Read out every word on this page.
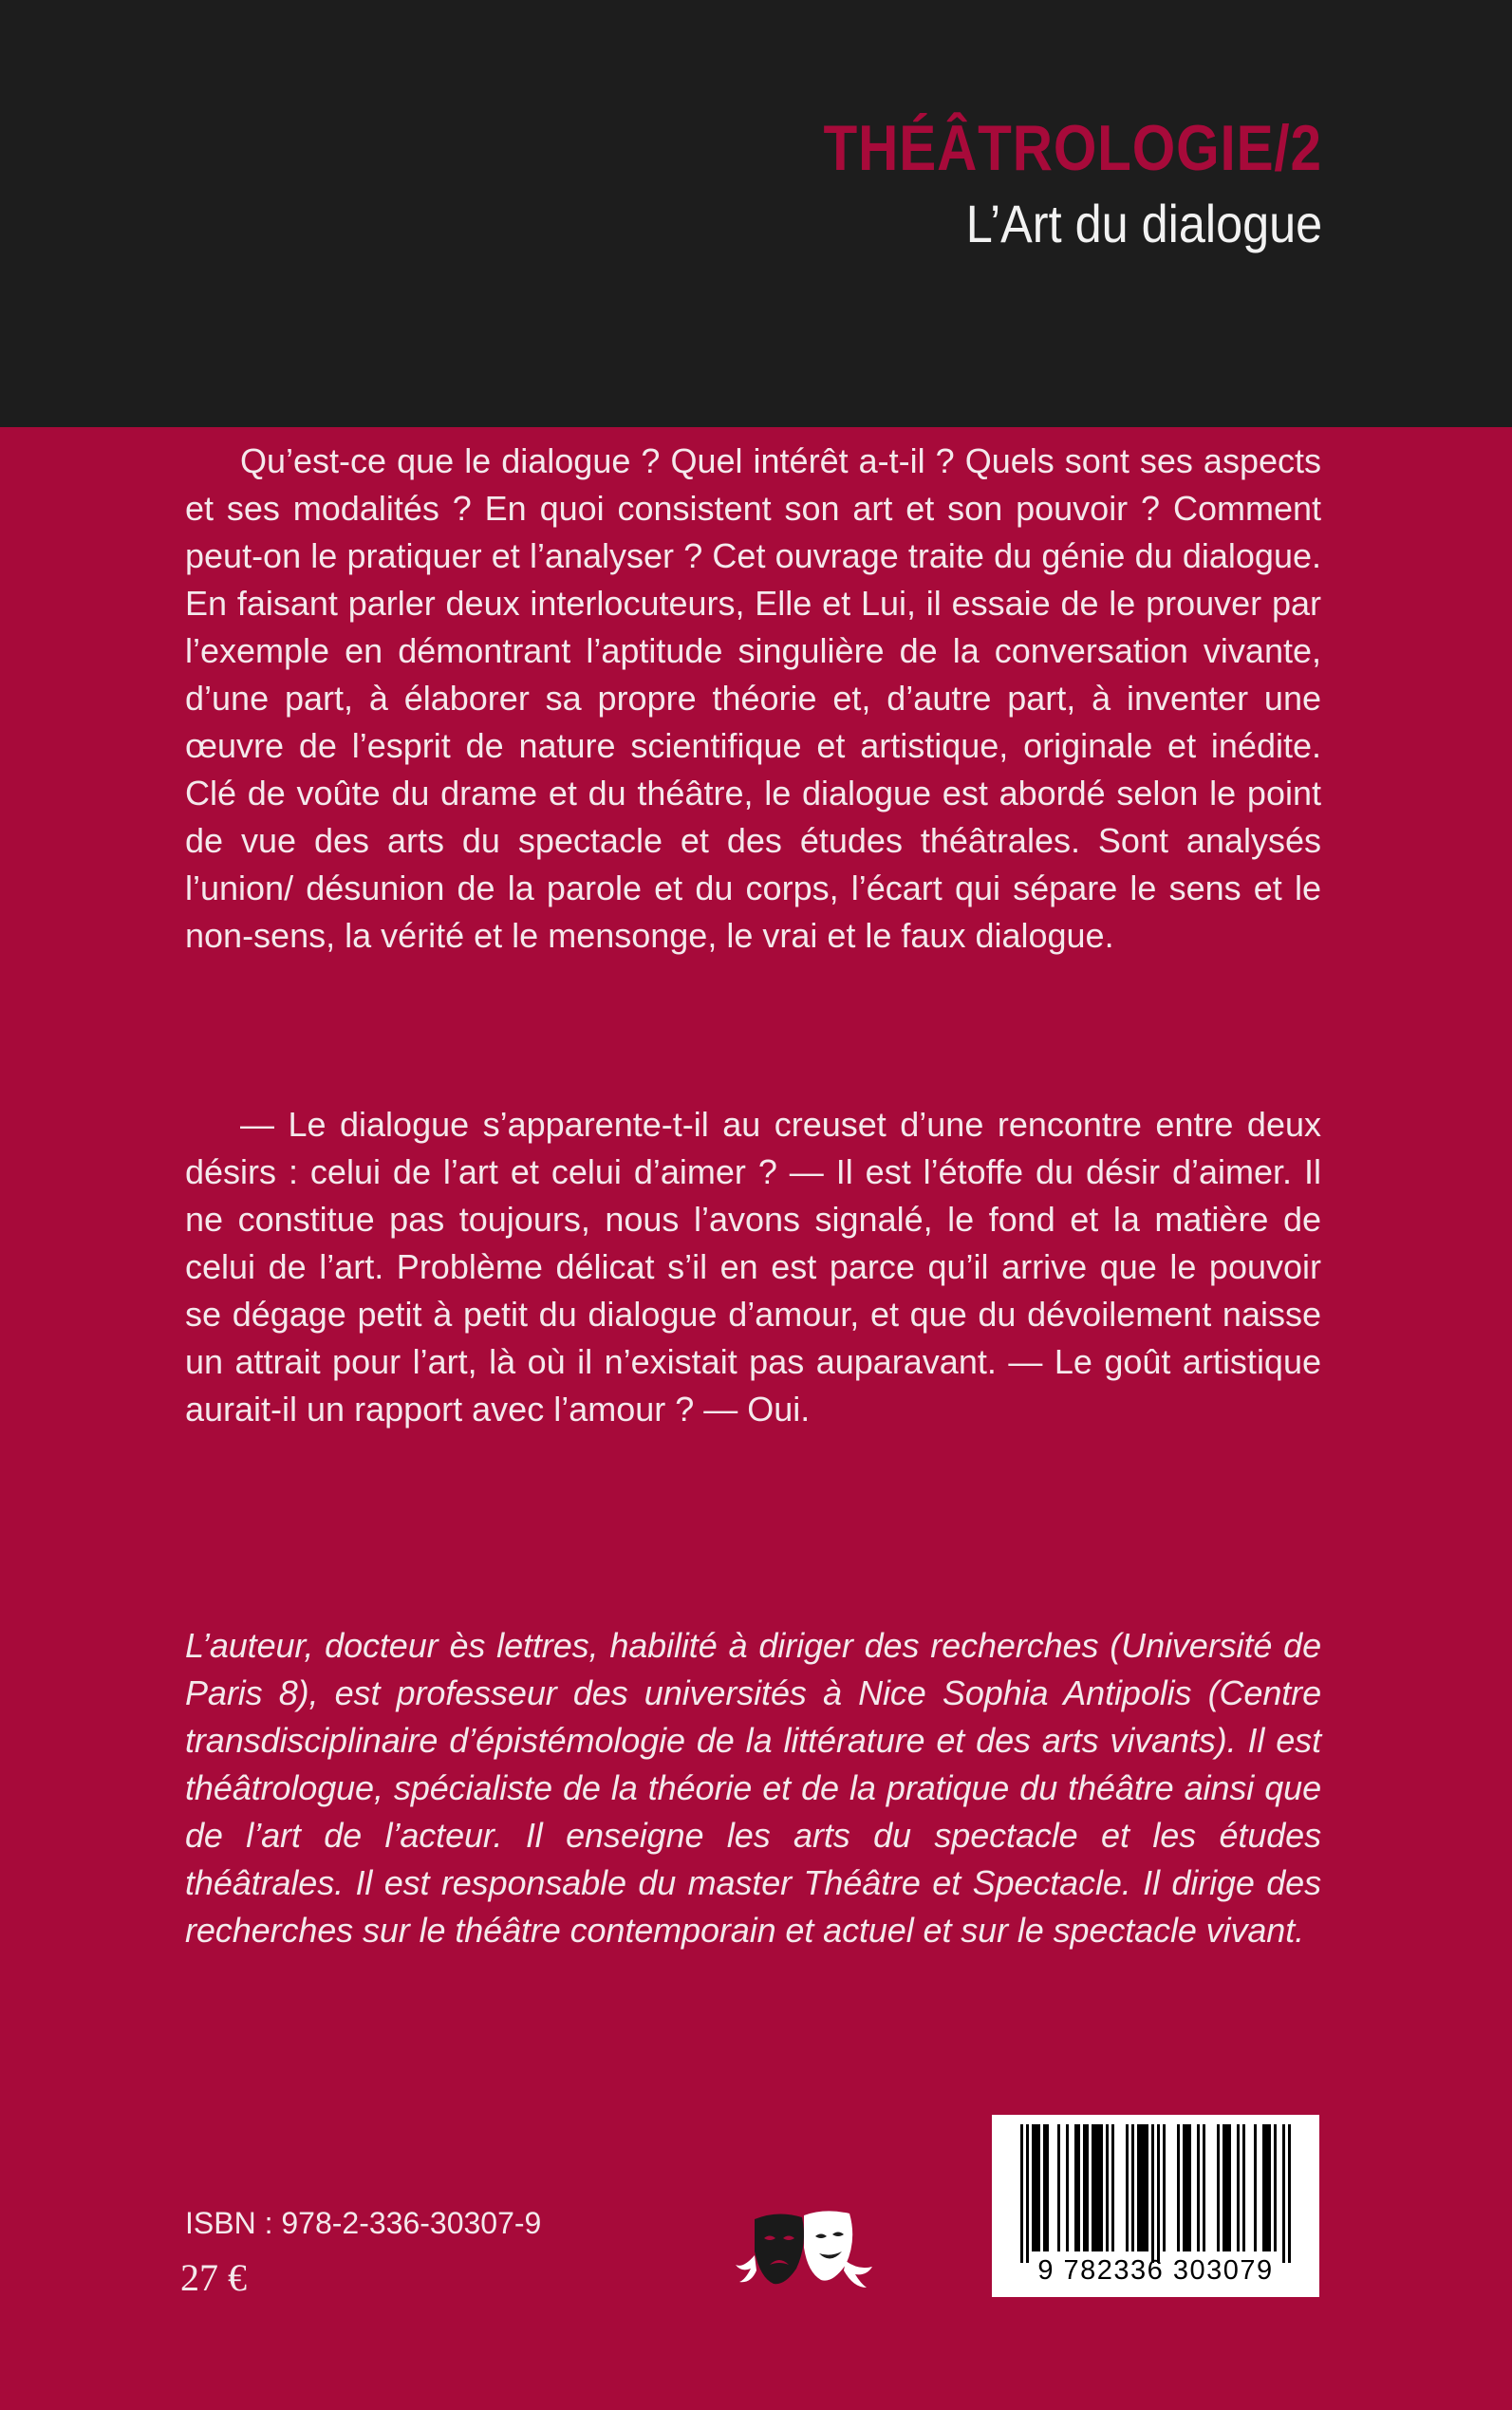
THÉÂTROLOGIE/2
L’Art du dialogue

Qu’est-ce que le dialogue ? Quel intérêt a-t-il ? Quels sont ses aspects et ses modalités ? En quoi consistent son art et son pouvoir ? Comment peut-on le pratiquer et l’analyser ? Cet ouvrage traite du génie du dialogue. En faisant parler deux interlocuteurs, Elle et Lui, il essaie de le prouver par l’exemple en démontrant l’aptitude singulière de la conversation vivante, d’une part, à élaborer sa propre théorie et, d’autre part, à inventer une œuvre de l’esprit de nature scientifique et artistique, originale et inédite. Clé de voûte du drame et du théâtre, le dialogue est abordé selon le point de vue des arts du spectacle et des études théâtrales. Sont analysés l’union/ désunion de la parole et du corps, l’écart qui sépare le sens et le non-sens, la vérité et le mensonge, le vrai et le faux dialogue.

— Le dialogue s’apparente-t-il au creuset d’une rencontre entre deux désirs : celui de l’art et celui d’aimer ? — Il est l’étoffe du désir d’aimer. Il ne constitue pas toujours, nous l’avons signalé, le fond et la matière de celui de l’art. Problème délicat s’il en est parce qu’il arrive que le pouvoir se dégage petit à petit du dialogue d’amour, et que du dévoilement naisse un attrait pour l’art, là où il n’existait pas auparavant. — Le goût artistique aurait-il un rapport avec l’amour ? — Oui.

L’auteur, docteur ès lettres, habilité à diriger des recherches (Université de Paris 8), est professeur des universités à Nice Sophia Antipolis (Centre transdisciplinaire d’épistémologie de la littérature et des arts vivants). Il est théâtrologue, spécialiste de la théorie et de la pratique du théâtre ainsi que de l’art de l’acteur. Il enseigne les arts du spectacle et les études théâtrales. Il est responsable du master Théâtre et Spectacle. Il dirige des recherches sur le théâtre contemporain et actuel et sur le spectacle vivant.

ISBN : 978-2-336-30307-9
27 €	9 782336 303079
